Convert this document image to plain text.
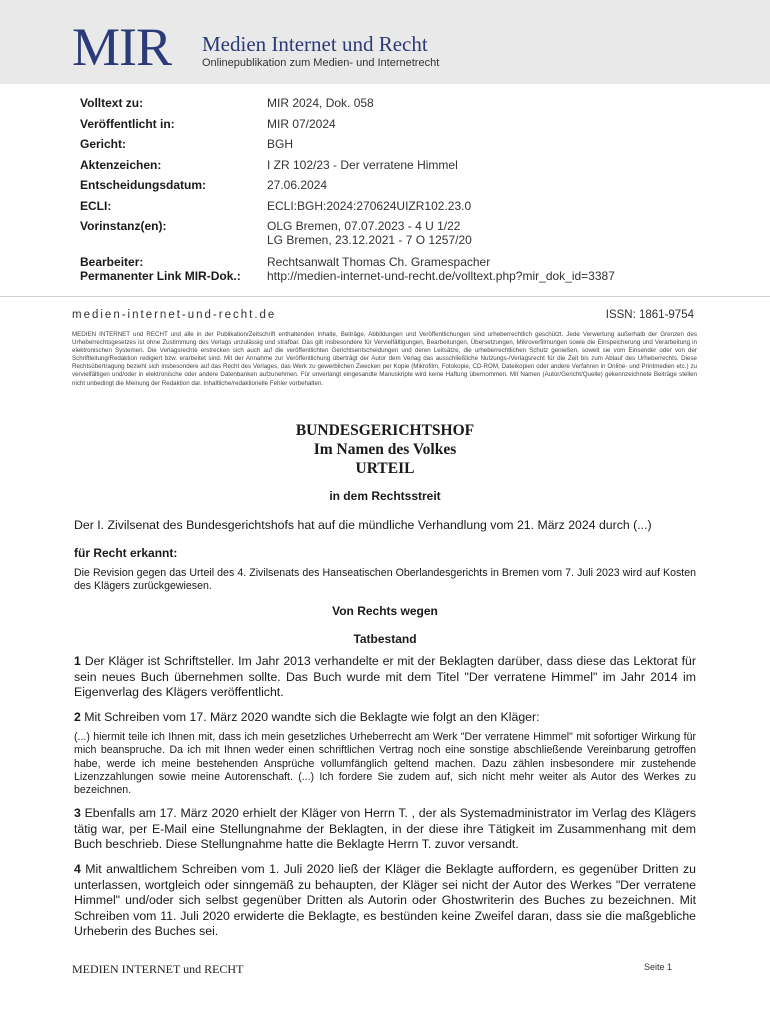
MIR Medien Internet und Recht
Onlinepublikation zum Medien- und Internetrecht
Volltext zu:	MIR 2024, Dok. 058
Veröffentlicht in:	MIR 07/2024
Gericht:	BGH
Aktenzeichen:	I ZR 102/23 - Der verratene Himmel
Entscheidungsdatum:	27.06.2024
ECLI:	ECLI:BGH:2024:270624UIZR102.23.0
Vorinstanz(en):	OLG Bremen, 07.07.2023 - 4 U 1/22
LG Bremen, 23.12.2021 - 7 O 1257/20
Bearbeiter:	Rechtsanwalt Thomas Ch. Gramespacher
Permanenter Link MIR-Dok.:	http://medien-internet-und-recht.de/volltext.php?mir_dok_id=3387
medien-internet-und-recht.de	ISSN: 1861-9754
MEDIEN INTERNET und RECHT und alle in der Publikation/Zeitschrift enthaltenden Inhalte, Beiträge, Abbildungen und Veröffentlichungen sind urheberrechtlich geschützt. Jede Verwertung außerhalb der Grenzen des Urheberrechtsgesetzes ist ohne Zustimmung des Verlags unzulässig und strafbar. Das gilt insbesondere für Vervielfältigungen, Bearbeitungen, Übersetzungen, Mikroverfilmungen sowie die Einspeicherung und Verarbeitung in elektronischen Systemen. Die Verlagsrechte erstrecken sich auch auf die veröffentlichten Gerichtsentscheidungen und deren Leitsätze, die urheberrechtlichen Schutz genießen, soweit sie vom Einsender oder von der Schriftleitung/Redaktion redigiert bzw. erarbeitet sind. Mit der Annahme zur Veröffentlichung überträgt der Autor dem Verlag das ausschließliche Nutzungs-/Verlagsrecht für die Zeit bis zum Ablauf des Urheberrechts. Diese Rechtsübertragung bezieht sich insbesondere auf das Recht des Verlages, das Werk zu gewerblichen Zwecken per Kopie (Mikrofilm, Fotokopie, CD-ROM, Dateikopien oder andere Verfahren in Online- und Printmedien etc.) zu vervielfältigen und/oder in elektronische oder andere Datenbanken aufzunehmen. Für unverlangt eingesandte Manuskripte wird keine Haftung übernommen. Mit Namen (Autor/Gericht/Quelle) gekennzeichnete Beiträge stellen nicht unbedingt die Meinung der Redaktion dar. Inhaltliche/redaktionelle Fehler vorbehalten.
BUNDESGERICHTSHOF
Im Namen des Volkes
URTEIL
in dem Rechtsstreit
Der I. Zivilsenat des Bundesgerichtshofs hat auf die mündliche Verhandlung vom 21. März 2024 durch (...)
für Recht erkannt:
Die Revision gegen das Urteil des 4. Zivilsenats des Hanseatischen Oberlandesgerichts in Bremen vom 7. Juli 2023 wird auf Kosten des Klägers zurückgewiesen.
Von Rechts wegen
Tatbestand
1 Der Kläger ist Schriftsteller. Im Jahr 2013 verhandelte er mit der Beklagten darüber, dass diese das Lektorat für sein neues Buch übernehmen sollte. Das Buch wurde mit dem Titel "Der verratene Himmel" im Jahr 2014 im Eigenverlag des Klägers veröffentlicht.
2 Mit Schreiben vom 17. März 2020 wandte sich die Beklagte wie folgt an den Kläger:
(...) hiermit teile ich Ihnen mit, dass ich mein gesetzliches Urheberrecht am Werk "Der verratene Himmel" mit sofortiger Wirkung für mich beanspruche. Da ich mit Ihnen weder einen schriftlichen Vertrag noch eine sonstige abschließende Vereinbarung getroffen habe, werde ich meine bestehenden Ansprüche vollumfänglich geltend machen. Dazu zählen insbesondere mir zustehende Lizenzzahlungen sowie meine Autorenschaft. (...) Ich fordere Sie zudem auf, sich nicht mehr weiter als Autor des Werkes zu bezeichnen.
3 Ebenfalls am 17. März 2020 erhielt der Kläger von Herrn T. , der als Systemadministrator im Verlag des Klägers tätig war, per E-Mail eine Stellungnahme der Beklagten, in der diese ihre Tätigkeit im Zusammenhang mit dem Buch beschrieb. Diese Stellungnahme hatte die Beklagte Herrn T. zuvor versandt.
4 Mit anwaltlichem Schreiben vom 1. Juli 2020 ließ der Kläger die Beklagte auffordern, es gegenüber Dritten zu unterlassen, wortgleich oder sinngemäß zu behaupten, der Kläger sei nicht der Autor des Werkes "Der verratene Himmel" und/oder sich selbst gegenüber Dritten als Autorin oder Ghostwriterin des Buches zu bezeichnen. Mit Schreiben vom 11. Juli 2020 erwiderte die Beklagte, es bestünden keine Zweifel daran, dass sie die maßgebliche Urheberin des Buches sei.
MEDIEN INTERNET und RECHT	Seite 1
